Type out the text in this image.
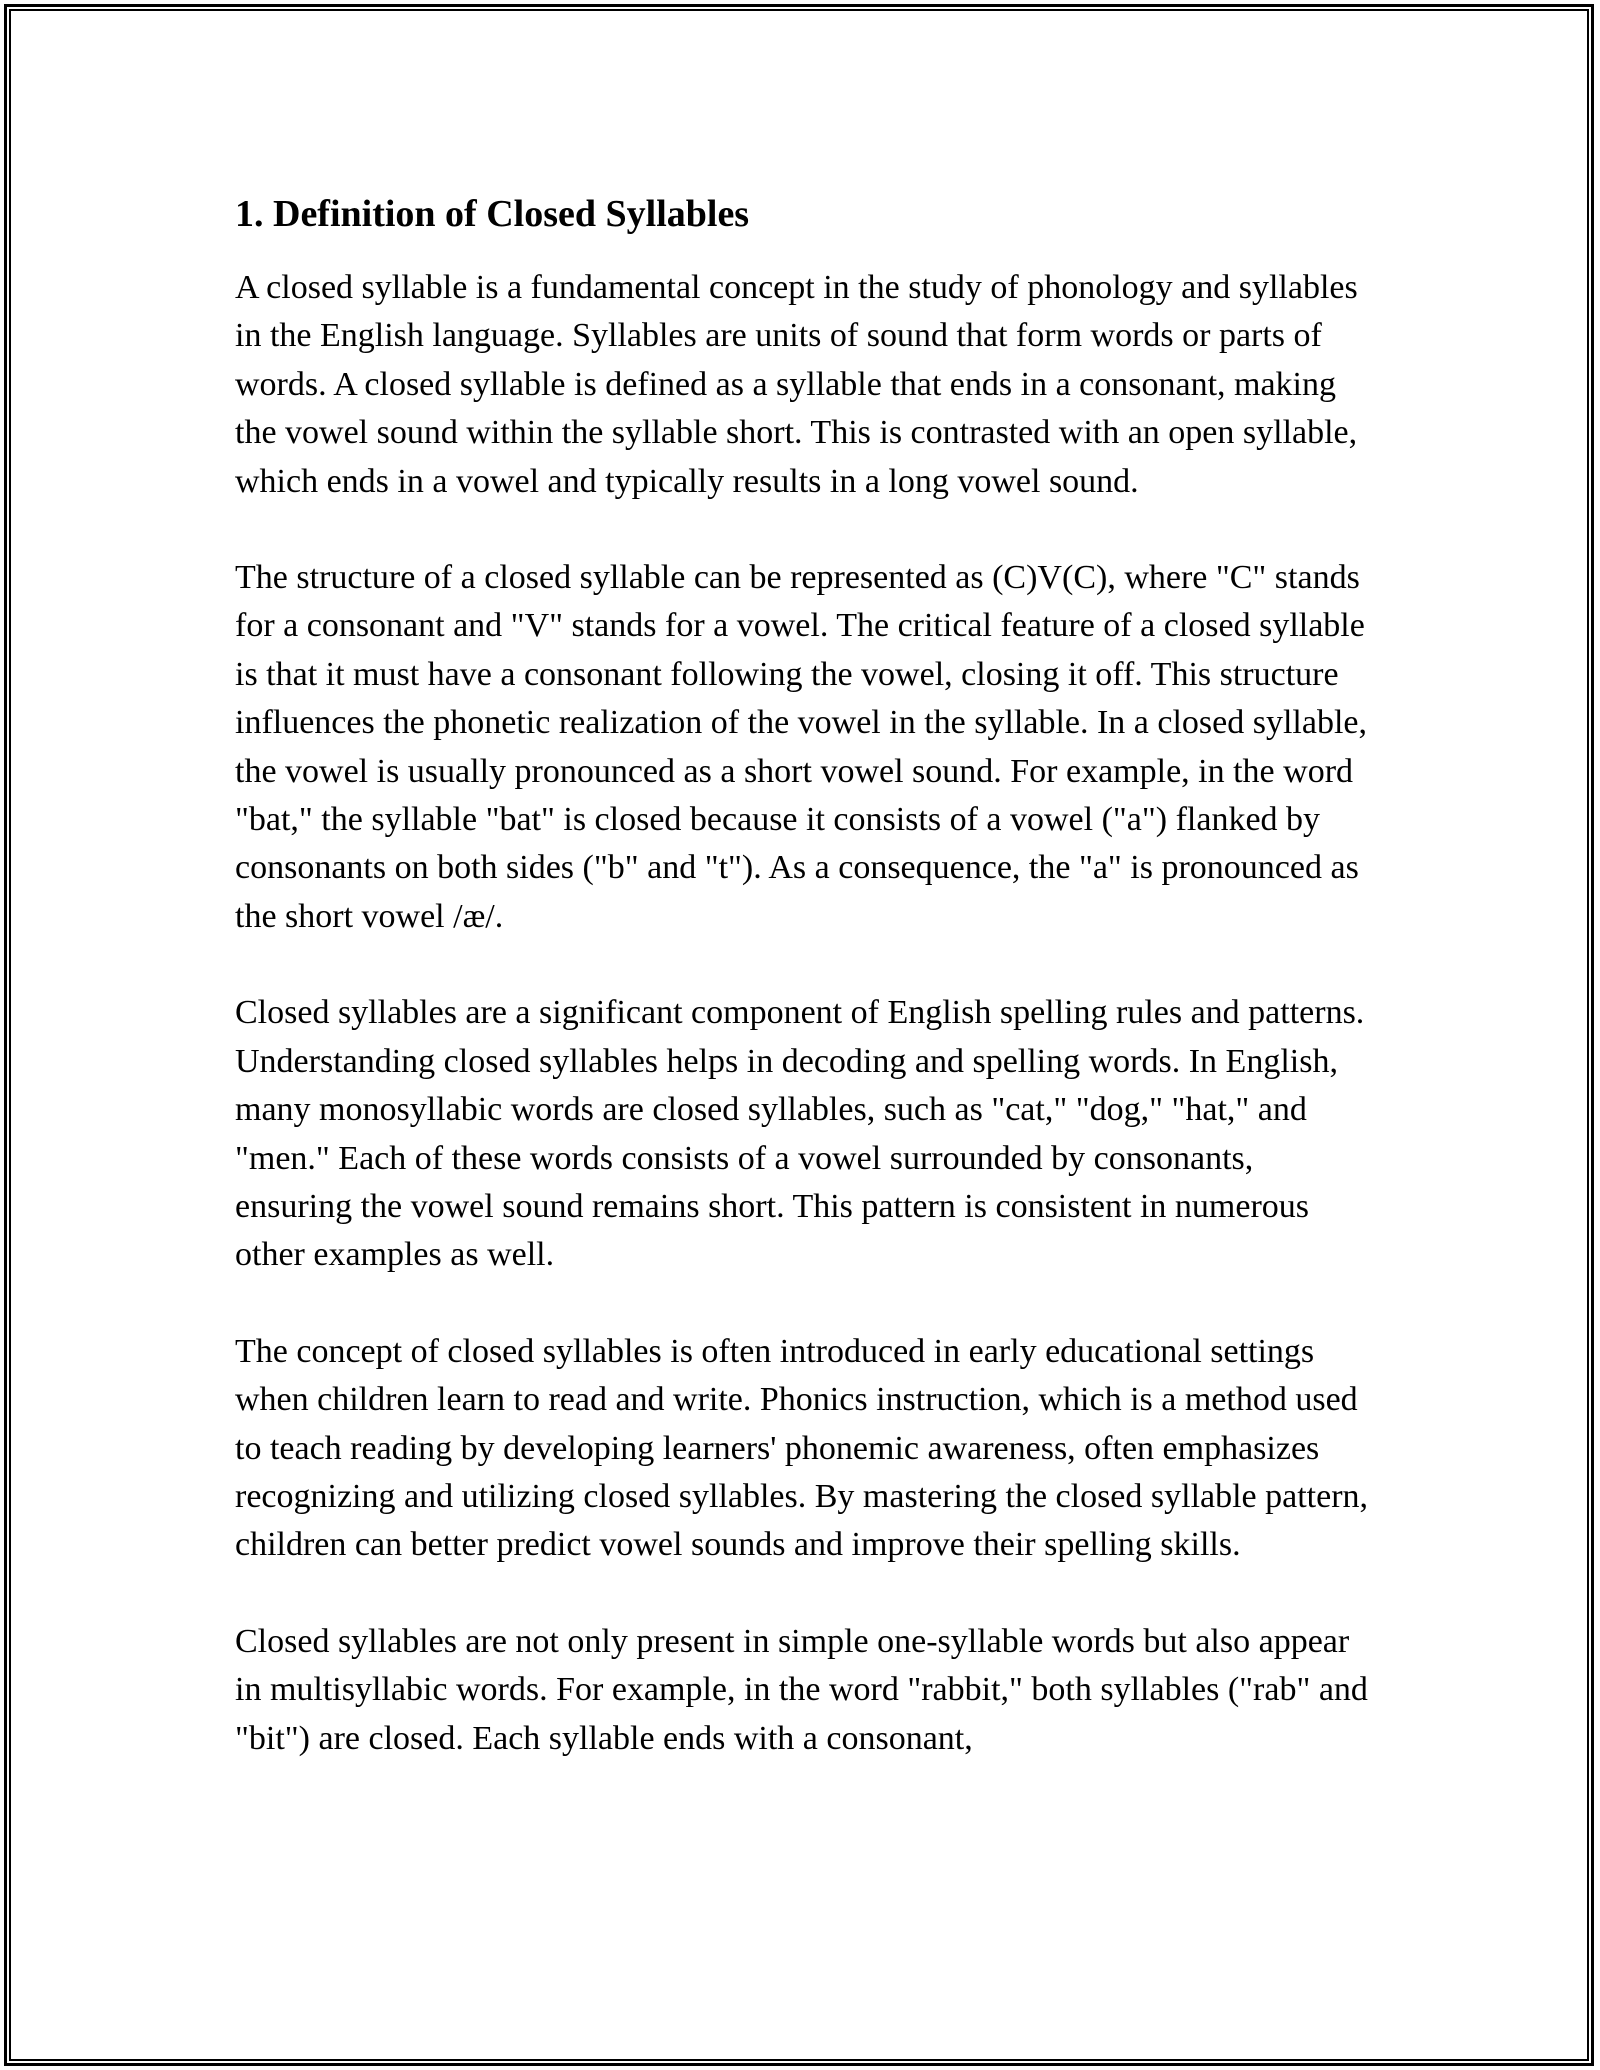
1. Definition of Closed Syllables

A closed syllable is a fundamental concept in the study of phonology and syllables in the English language. Syllables are units of sound that form words or parts of words. A closed syllable is defined as a syllable that ends in a consonant, making the vowel sound within the syllable short. This is contrasted with an open syllable, which ends in a vowel and typically results in a long vowel sound.

The structure of a closed syllable can be represented as (C)V(C), where "C" stands for a consonant and "V" stands for a vowel. The critical feature of a closed syllable is that it must have a consonant following the vowel, closing it off. This structure influences the phonetic realization of the vowel in the syllable. In a closed syllable, the vowel is usually pronounced as a short vowel sound. For example, in the word "bat," the syllable "bat" is closed because it consists of a vowel ("a") flanked by consonants on both sides ("b" and "t"). As a consequence, the "a" is pronounced as the short vowel /æ/.

Closed syllables are a significant component of English spelling rules and patterns. Understanding closed syllables helps in decoding and spelling words. In English, many monosyllabic words are closed syllables, such as "cat," "dog," "hat," and "men." Each of these words consists of a vowel surrounded by consonants, ensuring the vowel sound remains short. This pattern is consistent in numerous other examples as well.

The concept of closed syllables is often introduced in early educational settings when children learn to read and write. Phonics instruction, which is a method used to teach reading by developing learners' phonemic awareness, often emphasizes recognizing and utilizing closed syllables. By mastering the closed syllable pattern, children can better predict vowel sounds and improve their spelling skills.

Closed syllables are not only present in simple one-syllable words but also appear in multisyllabic words. For example, in the word "rabbit," both syllables ("rab" and "bit") are closed. Each syllable ends with a consonant,
